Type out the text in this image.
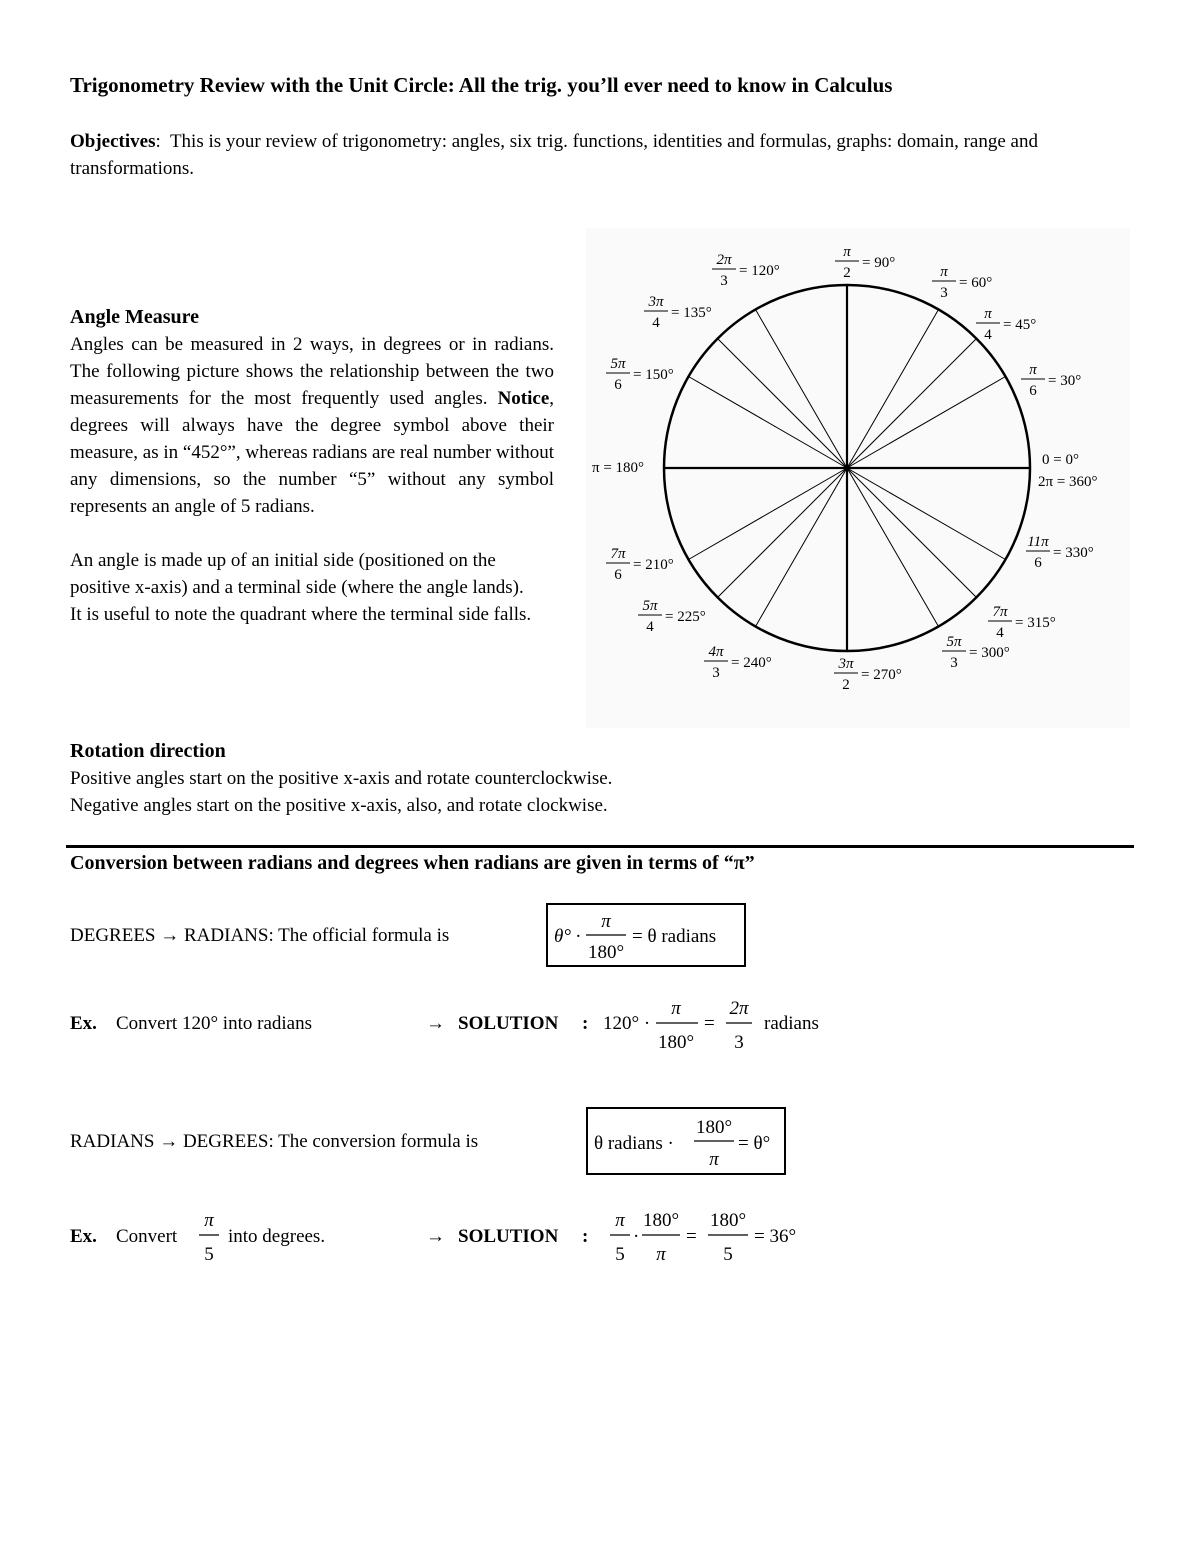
Trigonometry Review with the Unit Circle: All the trig. you’ll ever need to know in Calculus
Objectives: This is your review of trigonometry: angles, six trig. functions, identities and formulas, graphs: domain, range and transformations.
Angle Measure
Angles can be measured in 2 ways, in degrees or in radians. The following picture shows the relationship between the two measurements for the most frequently used angles. Notice, degrees will always have the degree symbol above their measure, as in “452°”, whereas radians are real number without any dimensions, so the number “5” without any symbol represents an angle of 5 radians.
An angle is made up of an initial side (positioned on the positive x-axis) and a terminal side (where the angle lands). It is useful to note the quadrant where the terminal side falls.
π
2
= 90°
π
3
= 60°
π
4
= 45°
π
6
= 30°
2π
3
= 120°
3π
4
= 135°
5π
6
= 150°
7π
6
= 210°
5π
4
= 225°
4π
3
= 240°	3π
2
= 270°
5π
3
= 300°
7π
4
= 315°
11π
6
= 330°
π = 180°	0 = 0°
2π = 360°
Rotation direction
Positive angles start on the positive x-axis and rotate counterclockwise.
Negative angles start on the positive x-axis, also, and rotate clockwise.
Conversion between radians and degrees when radians are given in terms of “π”
DEGREES → RADIANS: The official formula is	θ° ·
π
180°
= θ radians
Ex. Convert 120° into radians	→ SOLUTION : 120° ·
π
180°
=
2π
3
radians
RADIANS → DEGREES: The conversion formula is	θ radians ·
180°
π
= θ°
Ex. Convert
π
5
into degrees.	→ SOLUTION :
π
5
·
180°
π
=
180°
5
= 36°
